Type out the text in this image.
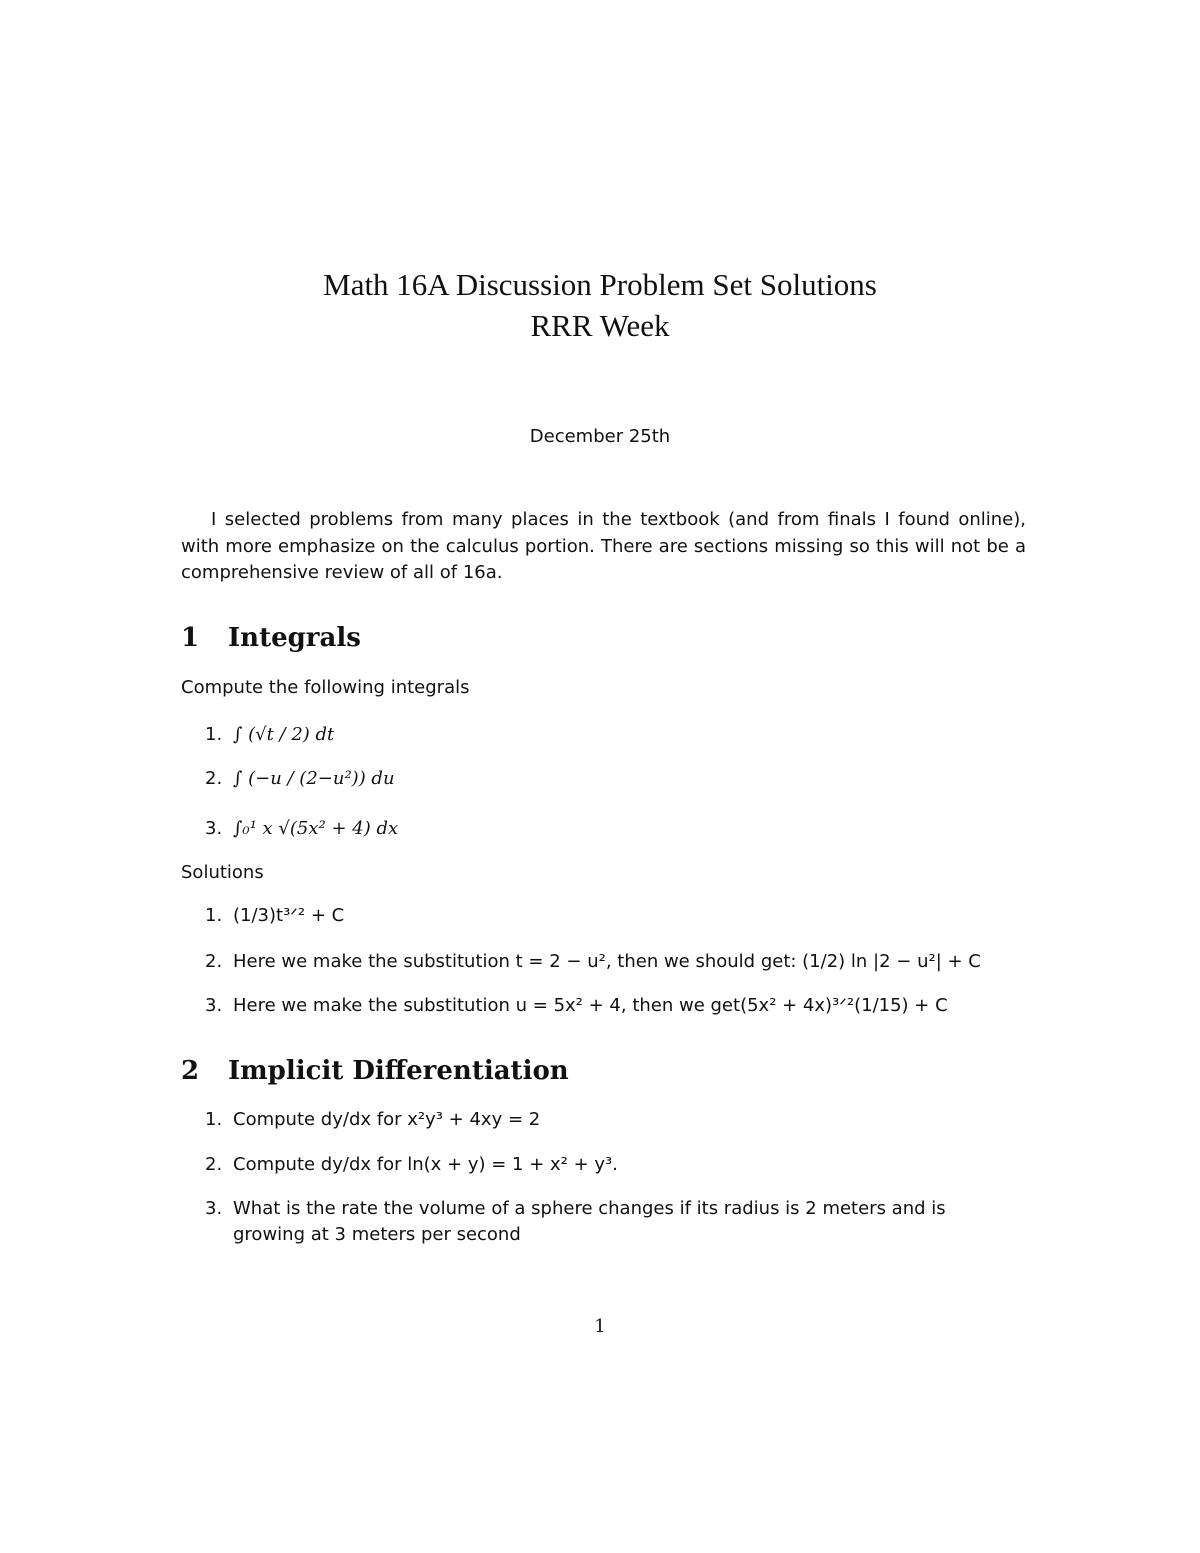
Math 16A Discussion Problem Set Solutions
RRR Week
December 25th
I selected problems from many places in the textbook (and from finals I found online), with more emphasize on the calculus portion. There are sections missing so this will not be a comprehensive review of all of 16a.
1 Integrals
Compute the following integrals
1. ∫ (√t / 2) dt
2. ∫ (−u / (2−u²)) du
3. ∫₀¹ x √(5x² + 4) dx
Solutions
1. (1/3)t³ᐟ² + C
2. Here we make the substitution t = 2 − u², then we should get: (1/2) ln |2 − u²| + C
3. Here we make the substitution u = 5x² + 4, then we get(5x² + 4x)³ᐟ²(1/15) + C
2 Implicit Differentiation
1. Compute dy/dx for x²y³ + 4xy = 2
2. Compute dy/dx for ln(x + y) = 1 + x² + y³.
3. What is the rate the volume of a sphere changes if its radius is 2 meters and is growing at 3 meters per second
1
